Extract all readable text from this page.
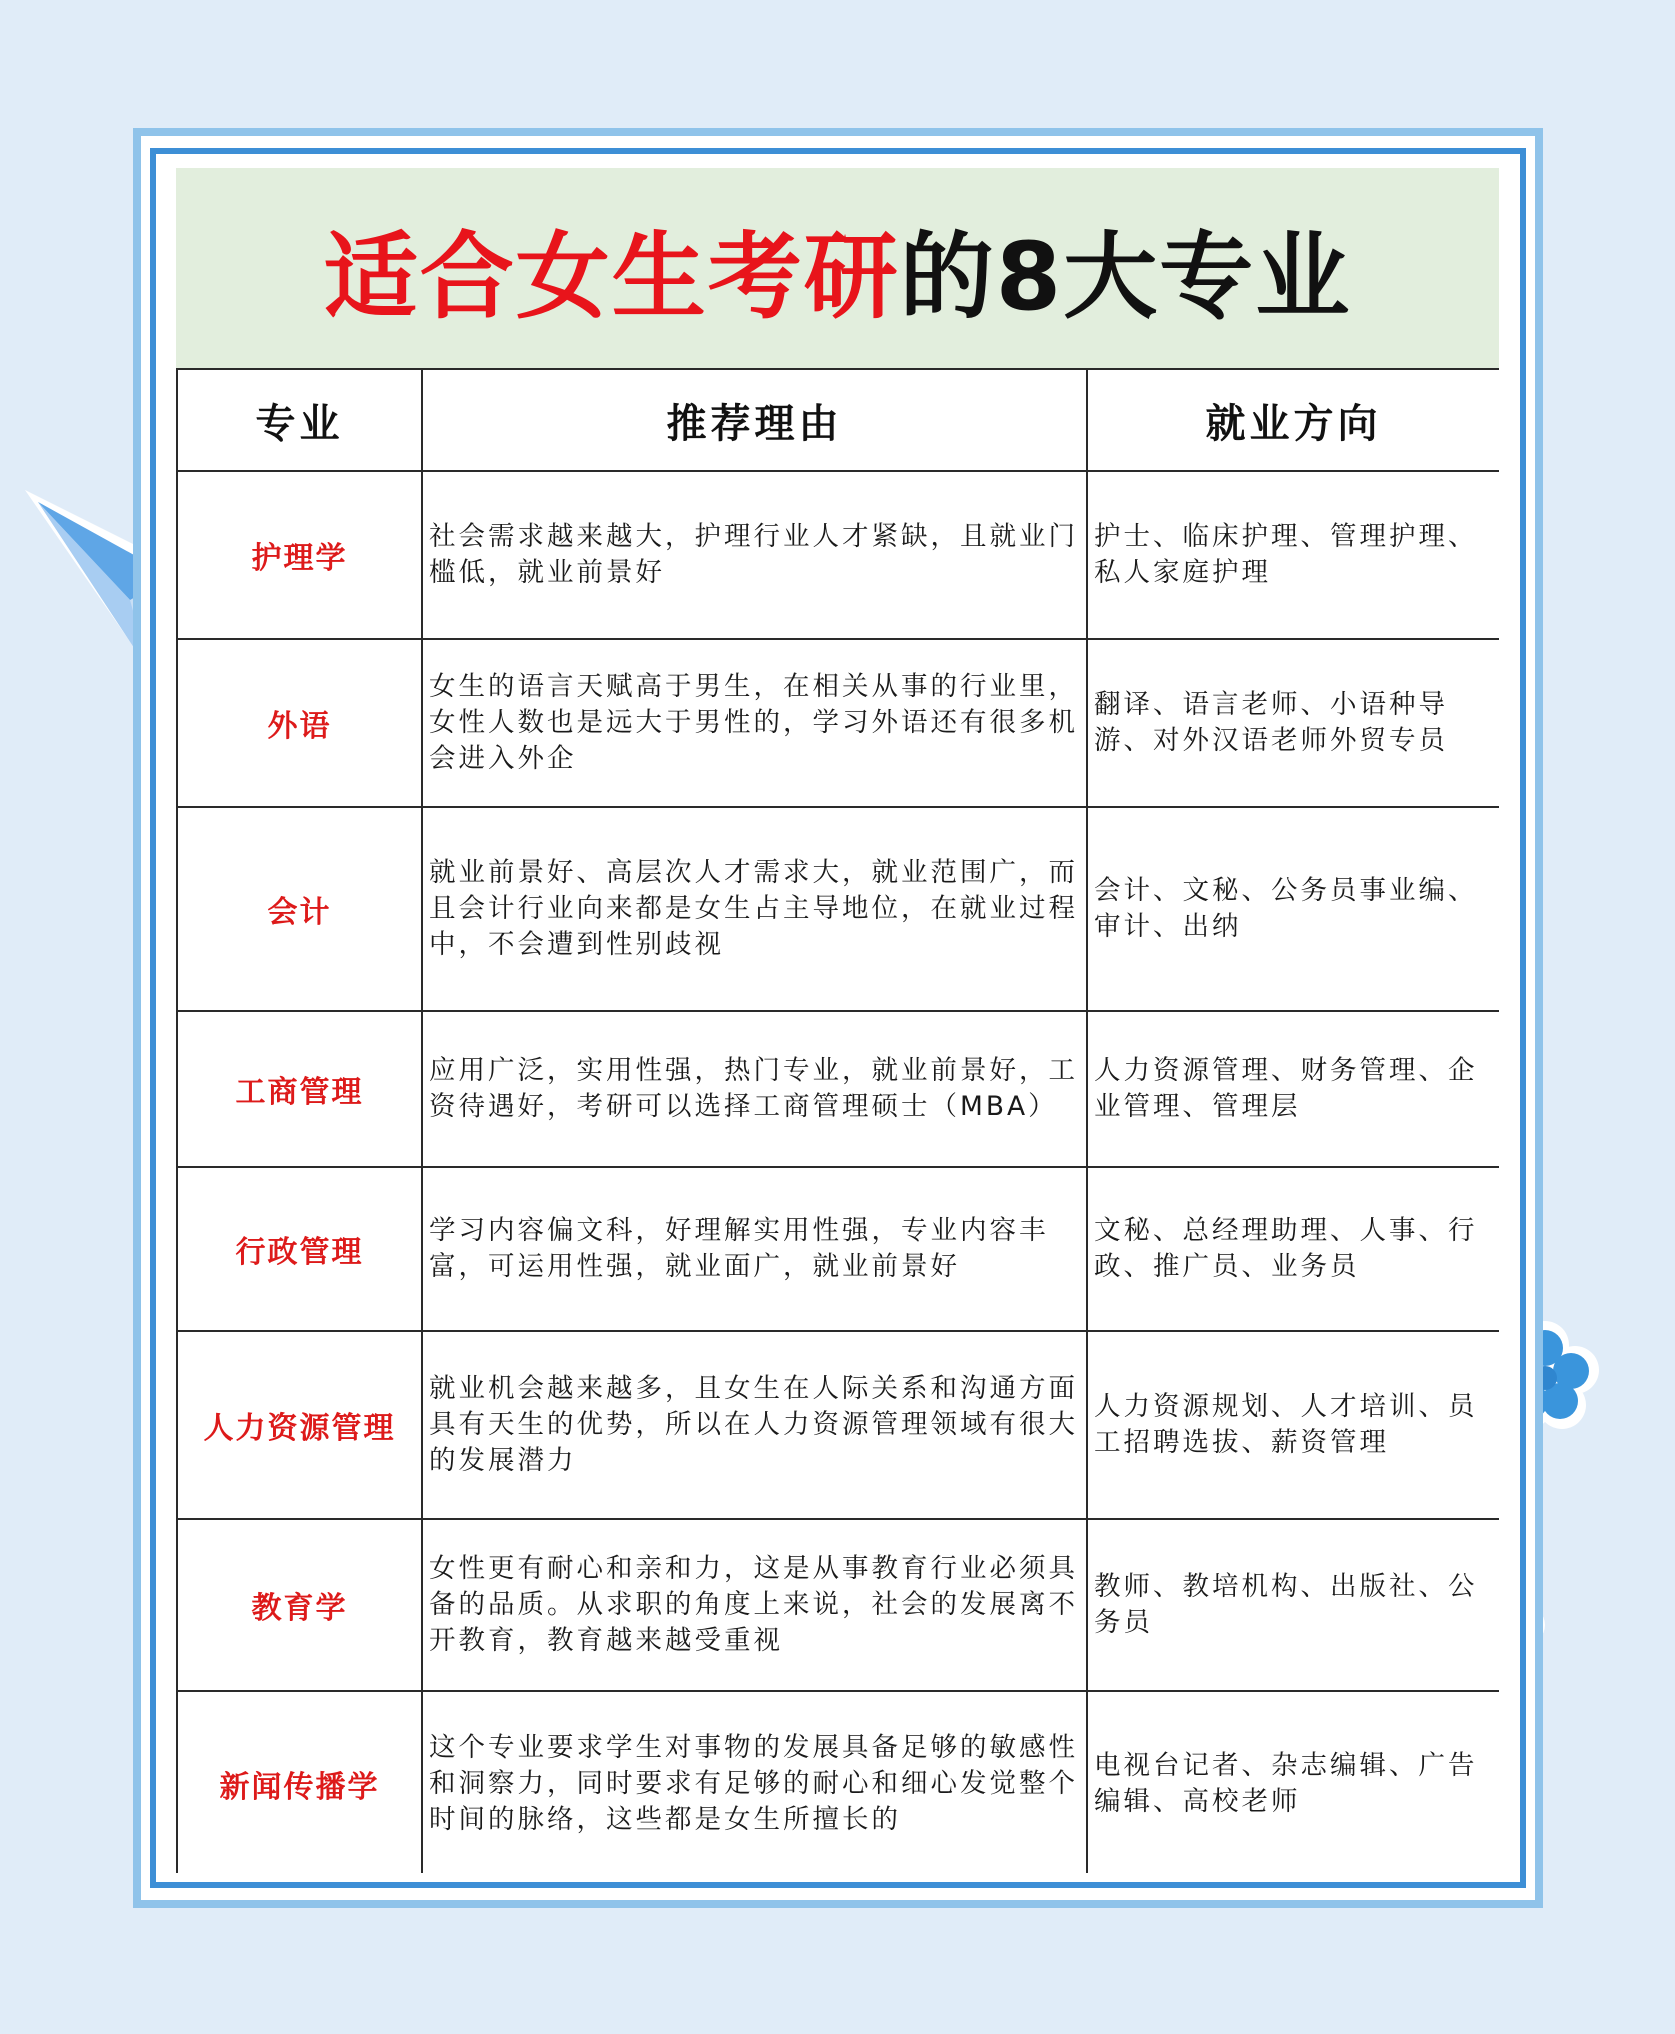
适合女生考研的8大专业
专业	推荐理由	就业方向
护理学	社会需求越来越大，护理行业人才紧缺，且就业门槛低，就业前景好	护士、临床护理、管理护理、私人家庭护理
外语	女生的语言天赋高于男生，在相关从事的行业里，女性人数也是远大于男性的，学习外语还有很多机会进入外企	翻译、语言老师、小语种导游、对外汉语老师外贸专员
会计	就业前景好、高层次人才需求大，就业范围广，而且会计行业向来都是女生占主导地位，在就业过程中，不会遭到性别歧视	会计、文秘、公务员事业编、审计、出纳
工商管理	应用广泛，实用性强，热门专业，就业前景好，工资待遇好，考研可以选择工商管理硕士（MBA）	人力资源管理、财务管理、企业管理、管理层
行政管理	学习内容偏文科，好理解实用性强，专业内容丰富，可运用性强，就业面广，就业前景好	文秘、总经理助理、人事、行政、推广员、业务员
人力资源管理	就业机会越来越多，且女生在人际关系和沟通方面具有天生的优势，所以在人力资源管理领域有很大的发展潜力	人力资源规划、人才培训、员工招聘选拔、薪资管理
教育学	女性更有耐心和亲和力，这是从事教育行业必须具备的品质。从求职的角度上来说，社会的发展离不开教育，教育越来越受重视	教师、教培机构、出版社、公务员
新闻传播学	这个专业要求学生对事物的发展具备足够的敏感性和洞察力，同时要求有足够的耐心和细心发觉整个时间的脉络，这些都是女生所擅长的	电视台记者、杂志编辑、广告编辑、高校老师
